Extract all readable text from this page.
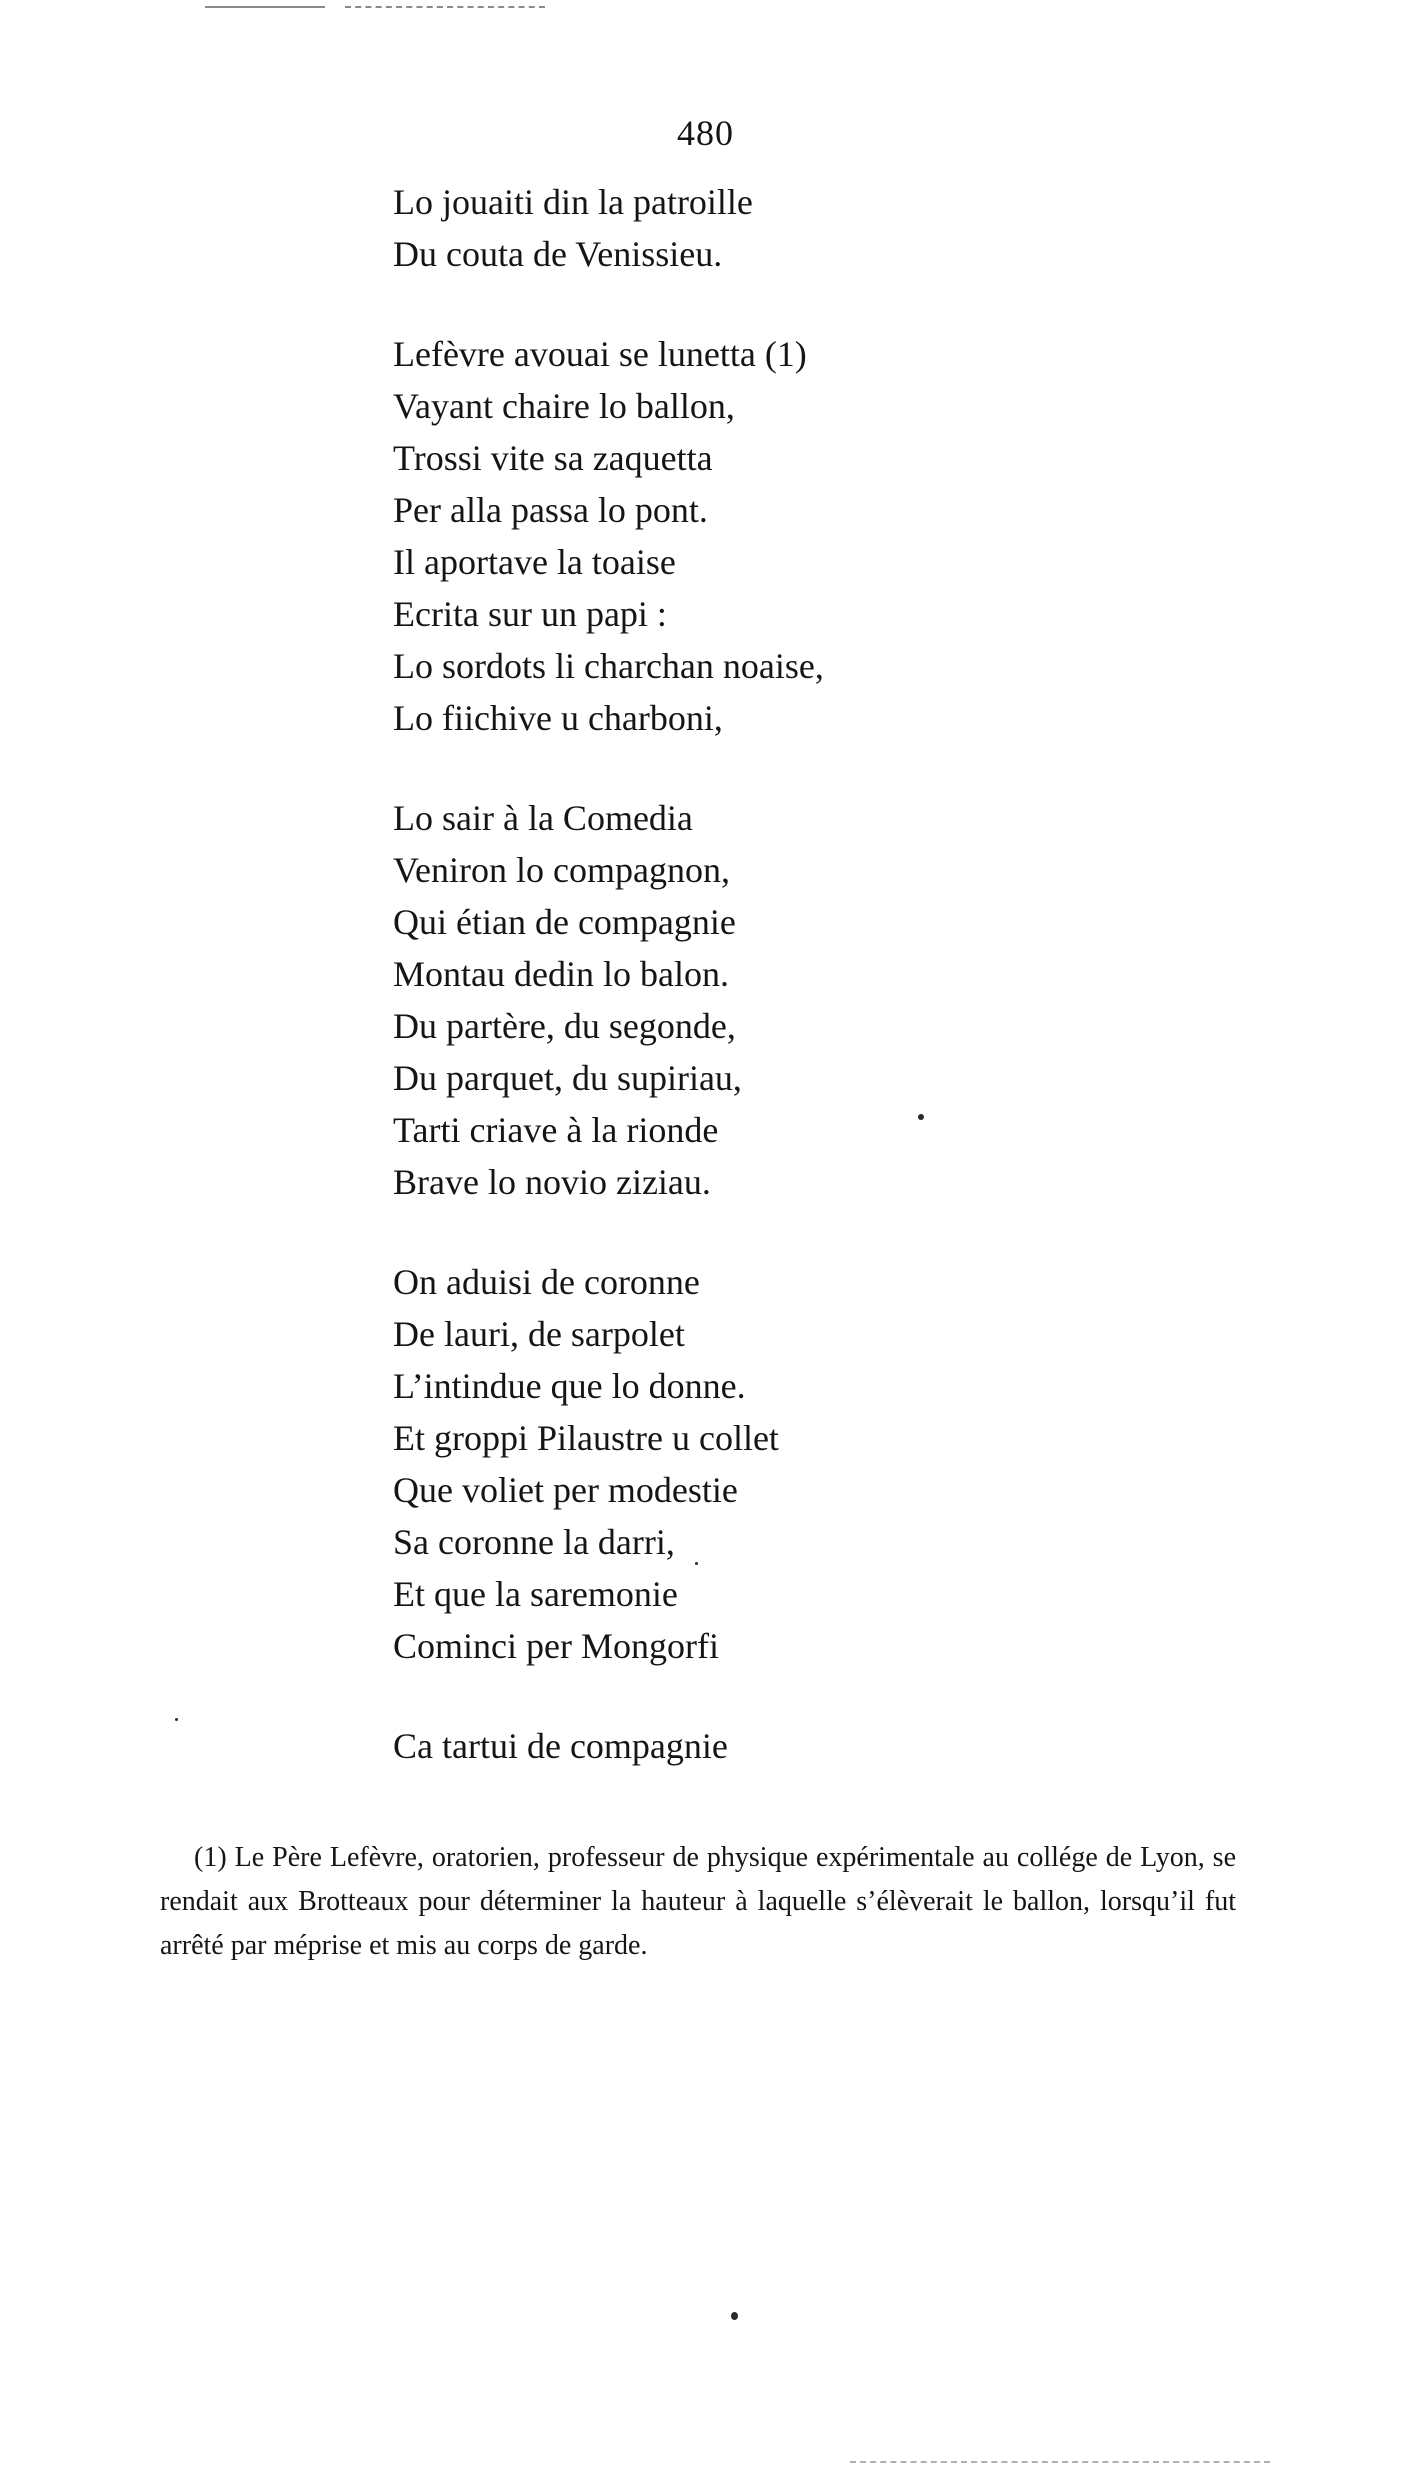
480
Lo jouaiti din la patroille
Du couta de Venissieu.
Lefèvre avouai se lunetta (1)
Vayant chaire lo ballon,
Trossi vite sa zaquetta
Per alla passa lo pont.
Il aportave la toaise
Ecrita sur un papi :
Lo sordots li charchan noaise,
Lo fiichive u charboni,
Lo sair à la Comedia
Veniron lo compagnon,
Qui étian de compagnie
Montau dedin lo balon.
Du partère, du segonde,
Du parquet, du supiriau,
Tarti criave à la rionde
Brave lo novio ziziau.
On aduisi de coronne
De lauri, de sarpolet
L’intindue que lo donne.
Et groppi Pilaustre u collet
Que voliet per modestie
Sa coronne la darri,
Et que la saremonie
Cominci per Mongorfi
Ca tartui de compagnie
(1) Le Père Lefèvre, oratorien, professeur de physique expérimentale au collége de Lyon, se rendait aux Brotteaux pour déterminer la hauteur à laquelle s’élèverait le ballon, lorsqu’il fut arrêté par méprise et mis au corps de garde.
